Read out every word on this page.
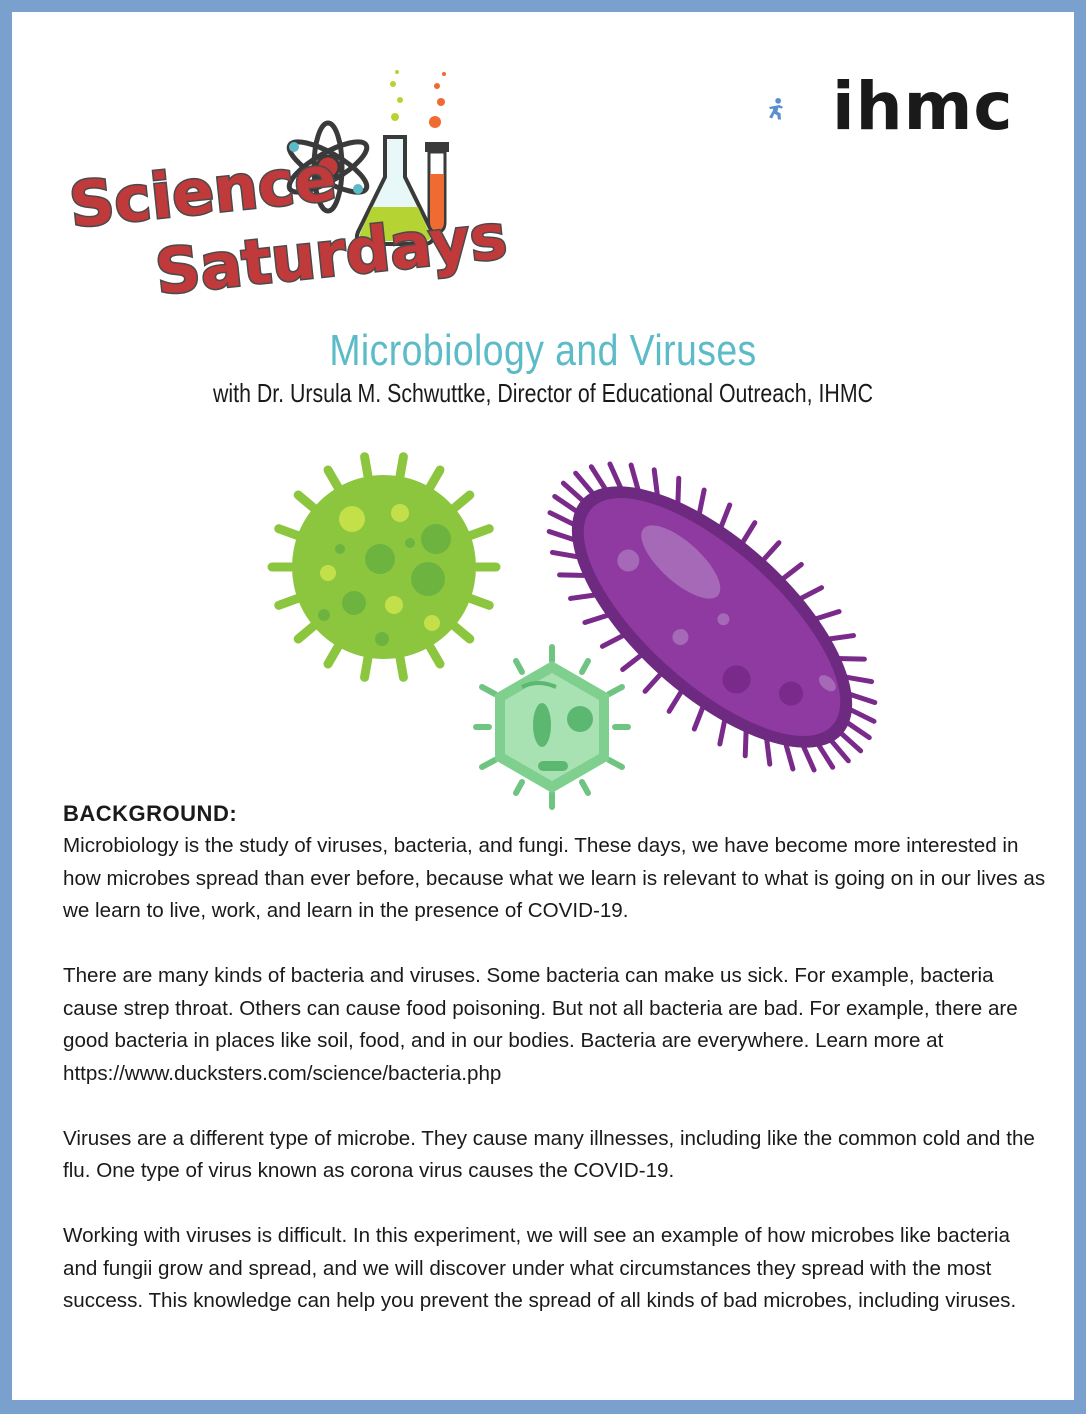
Science
Saturdays
ihmc
Microbiology and Viruses
with Dr. Ursula M. Schwuttke, Director of Educational Outreach, IHMC
BACKGROUND:

Microbiology is the study of viruses, bacteria, and fungi. These days, we have become more interested in how microbes spread than ever before, because what we learn is relevant to what is going on in our lives as we learn to live, work, and learn in the presence of COVID-19.

There are many kinds of bacteria and viruses. Some bacteria can make us sick. For example, bacteria cause strep throat. Others can cause food poisoning. But not all bacteria are bad. For example, there are good bacteria in places like soil, food, and in our bodies. Bacteria are everywhere. Learn more at https://www.ducksters.com/science/bacteria.php

Viruses are a different type of microbe. They cause many illnesses, including like the common cold and the flu. One type of virus known as corona virus causes the COVID-19.

Working with viruses is difficult. In this experiment, we will see an example of how microbes like bacteria and fungii grow and spread, and we will discover under what circumstances they spread with the most success. This knowledge can help you prevent the spread of all kinds of bad microbes, including viruses.
